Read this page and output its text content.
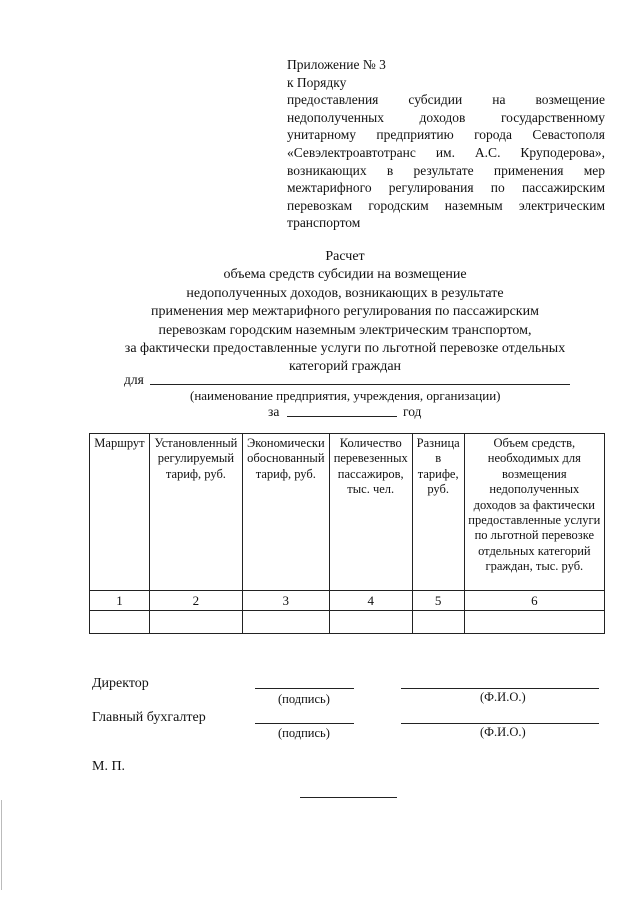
Приложение № 3
к Порядку
предоставления субсидии на возмещение
недополученных доходов государственному
унитарному предприятию города Севастополя
«Севэлектроавтотранс им. А.С. Круподерова»,
возникающих в результате применения мер
межтарифного регулирования по пассажирским
перевозкам городским наземным электрическим
транспортом
Расчет
объема средств субсидии на возмещение
недополученных доходов, возникающих в результате
применения мер межтарифного регулирования по пассажирским
перевозкам городским наземным электрическим транспортом,
за фактически предоставленные услуги по льготной перевозке отдельных
категорий граждан
для
(наименование предприятия, учреждения, организации)
за	год
Маршрут	Установленный регулируемый тариф, руб.	Экономически обоснованный тариф, руб.	Количество перевезенных пассажиров, тыс. чел.	Разница в тарифе, руб.	Объем средств, необходимых для возмещения недополученных доходов за фактически предоставленные услуги по льготной перевозке отдельных категорий граждан, тыс. руб.
1	2	3	4	5	6

Директор
(подпись)	(Ф.И.О.)
Главный бухгалтер
(подпись)	(Ф.И.О.)
М. П.
